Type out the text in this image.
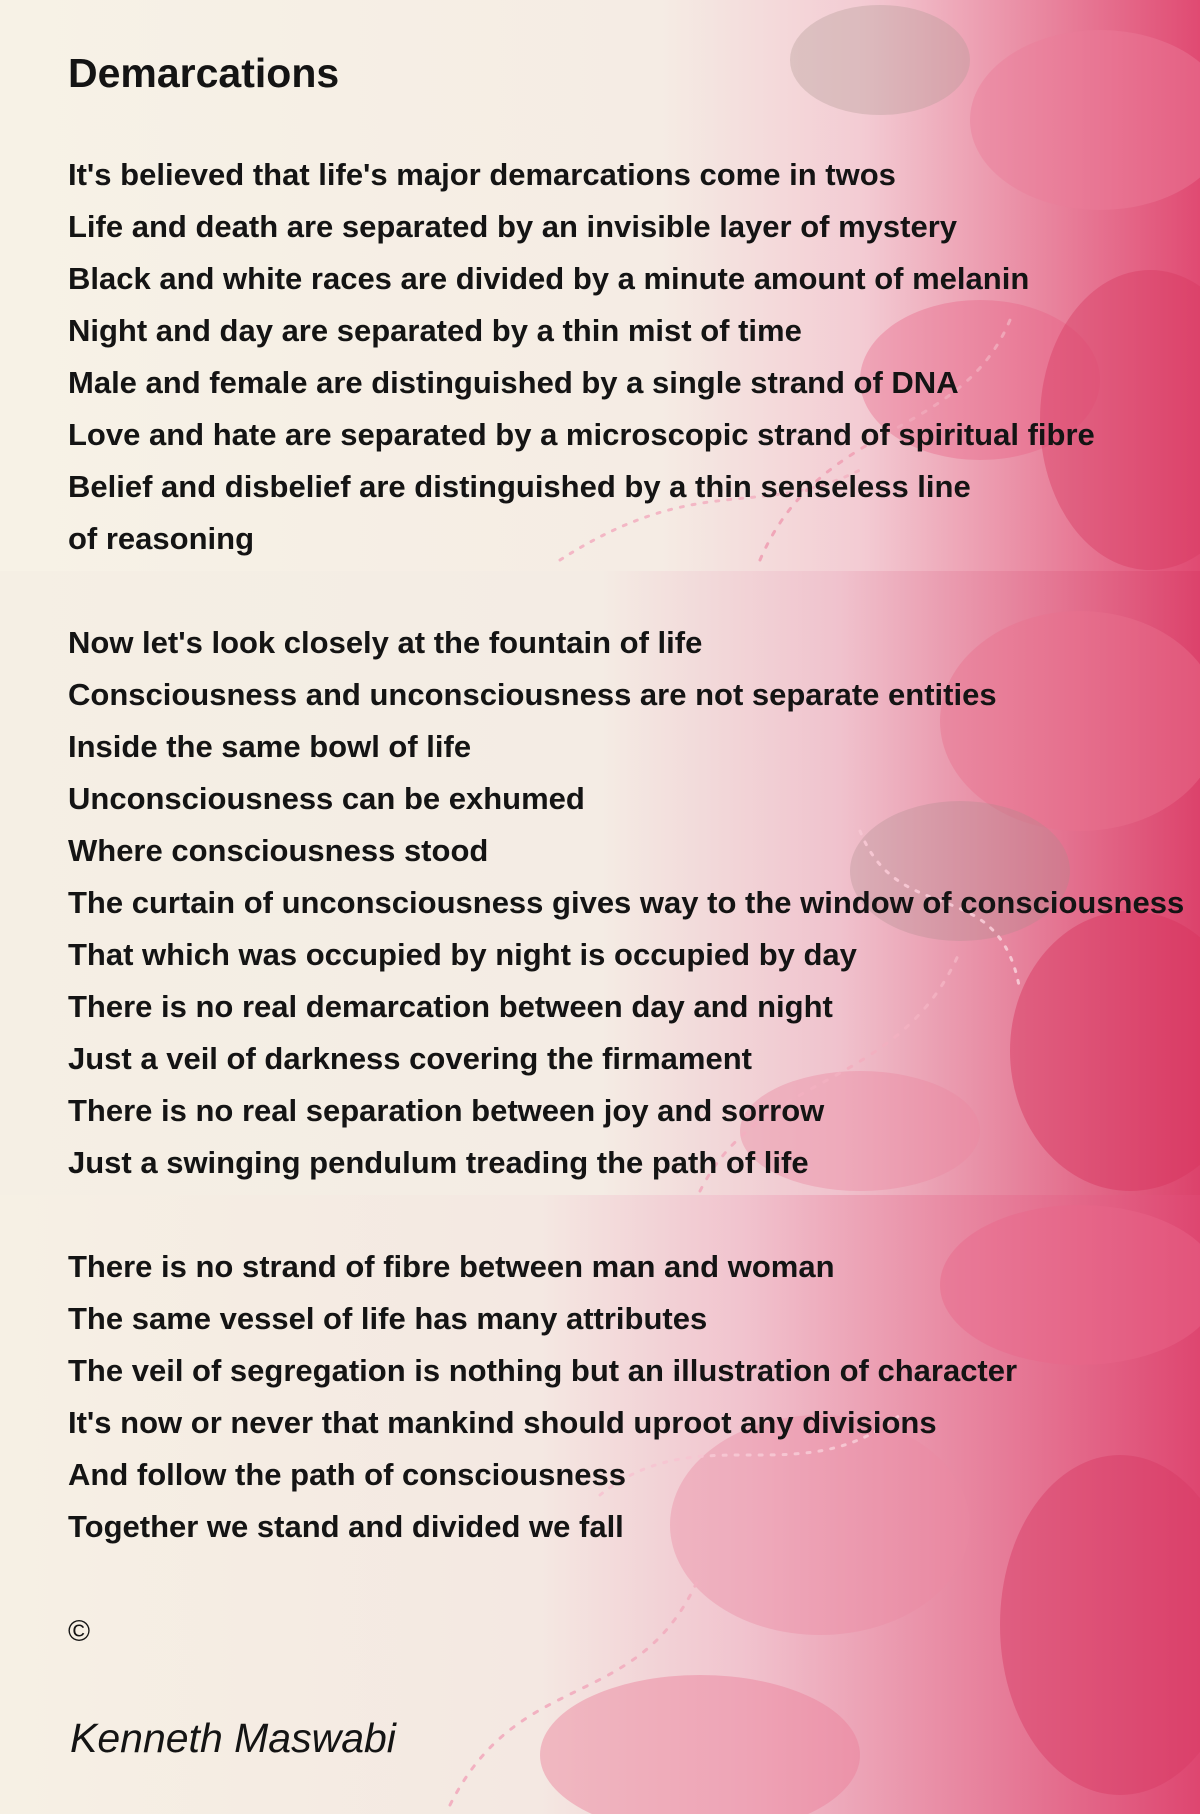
Demarcations
It's believed that life's major demarcations come in twos
Life and death are separated by an invisible layer of mystery
Black and white races are divided by a minute amount of melanin
Night and day are separated by a thin mist of time
Male and female are distinguished by a single strand of DNA
Love and hate are separated by a microscopic strand of spiritual fibre
Belief and disbelief are distinguished by a thin senseless line
of reasoning
Now let's look closely at the fountain of life
Consciousness and unconsciousness are not separate entities
Inside the same bowl of life
Unconsciousness can be exhumed
Where consciousness stood
The curtain of unconsciousness gives way to the window of consciousness
That which was occupied by night is occupied by day
There is no real demarcation between day and night
Just a veil of darkness covering the firmament
There is no real separation between joy and sorrow
Just a swinging pendulum treading the path of life
There is no strand of fibre between man and woman
The same vessel of life has many attributes
The veil of segregation is nothing but an illustration of character
It's now or never that mankind should uproot any divisions
And follow the path of consciousness
Together we stand and divided we fall
©
Kenneth Maswabi
